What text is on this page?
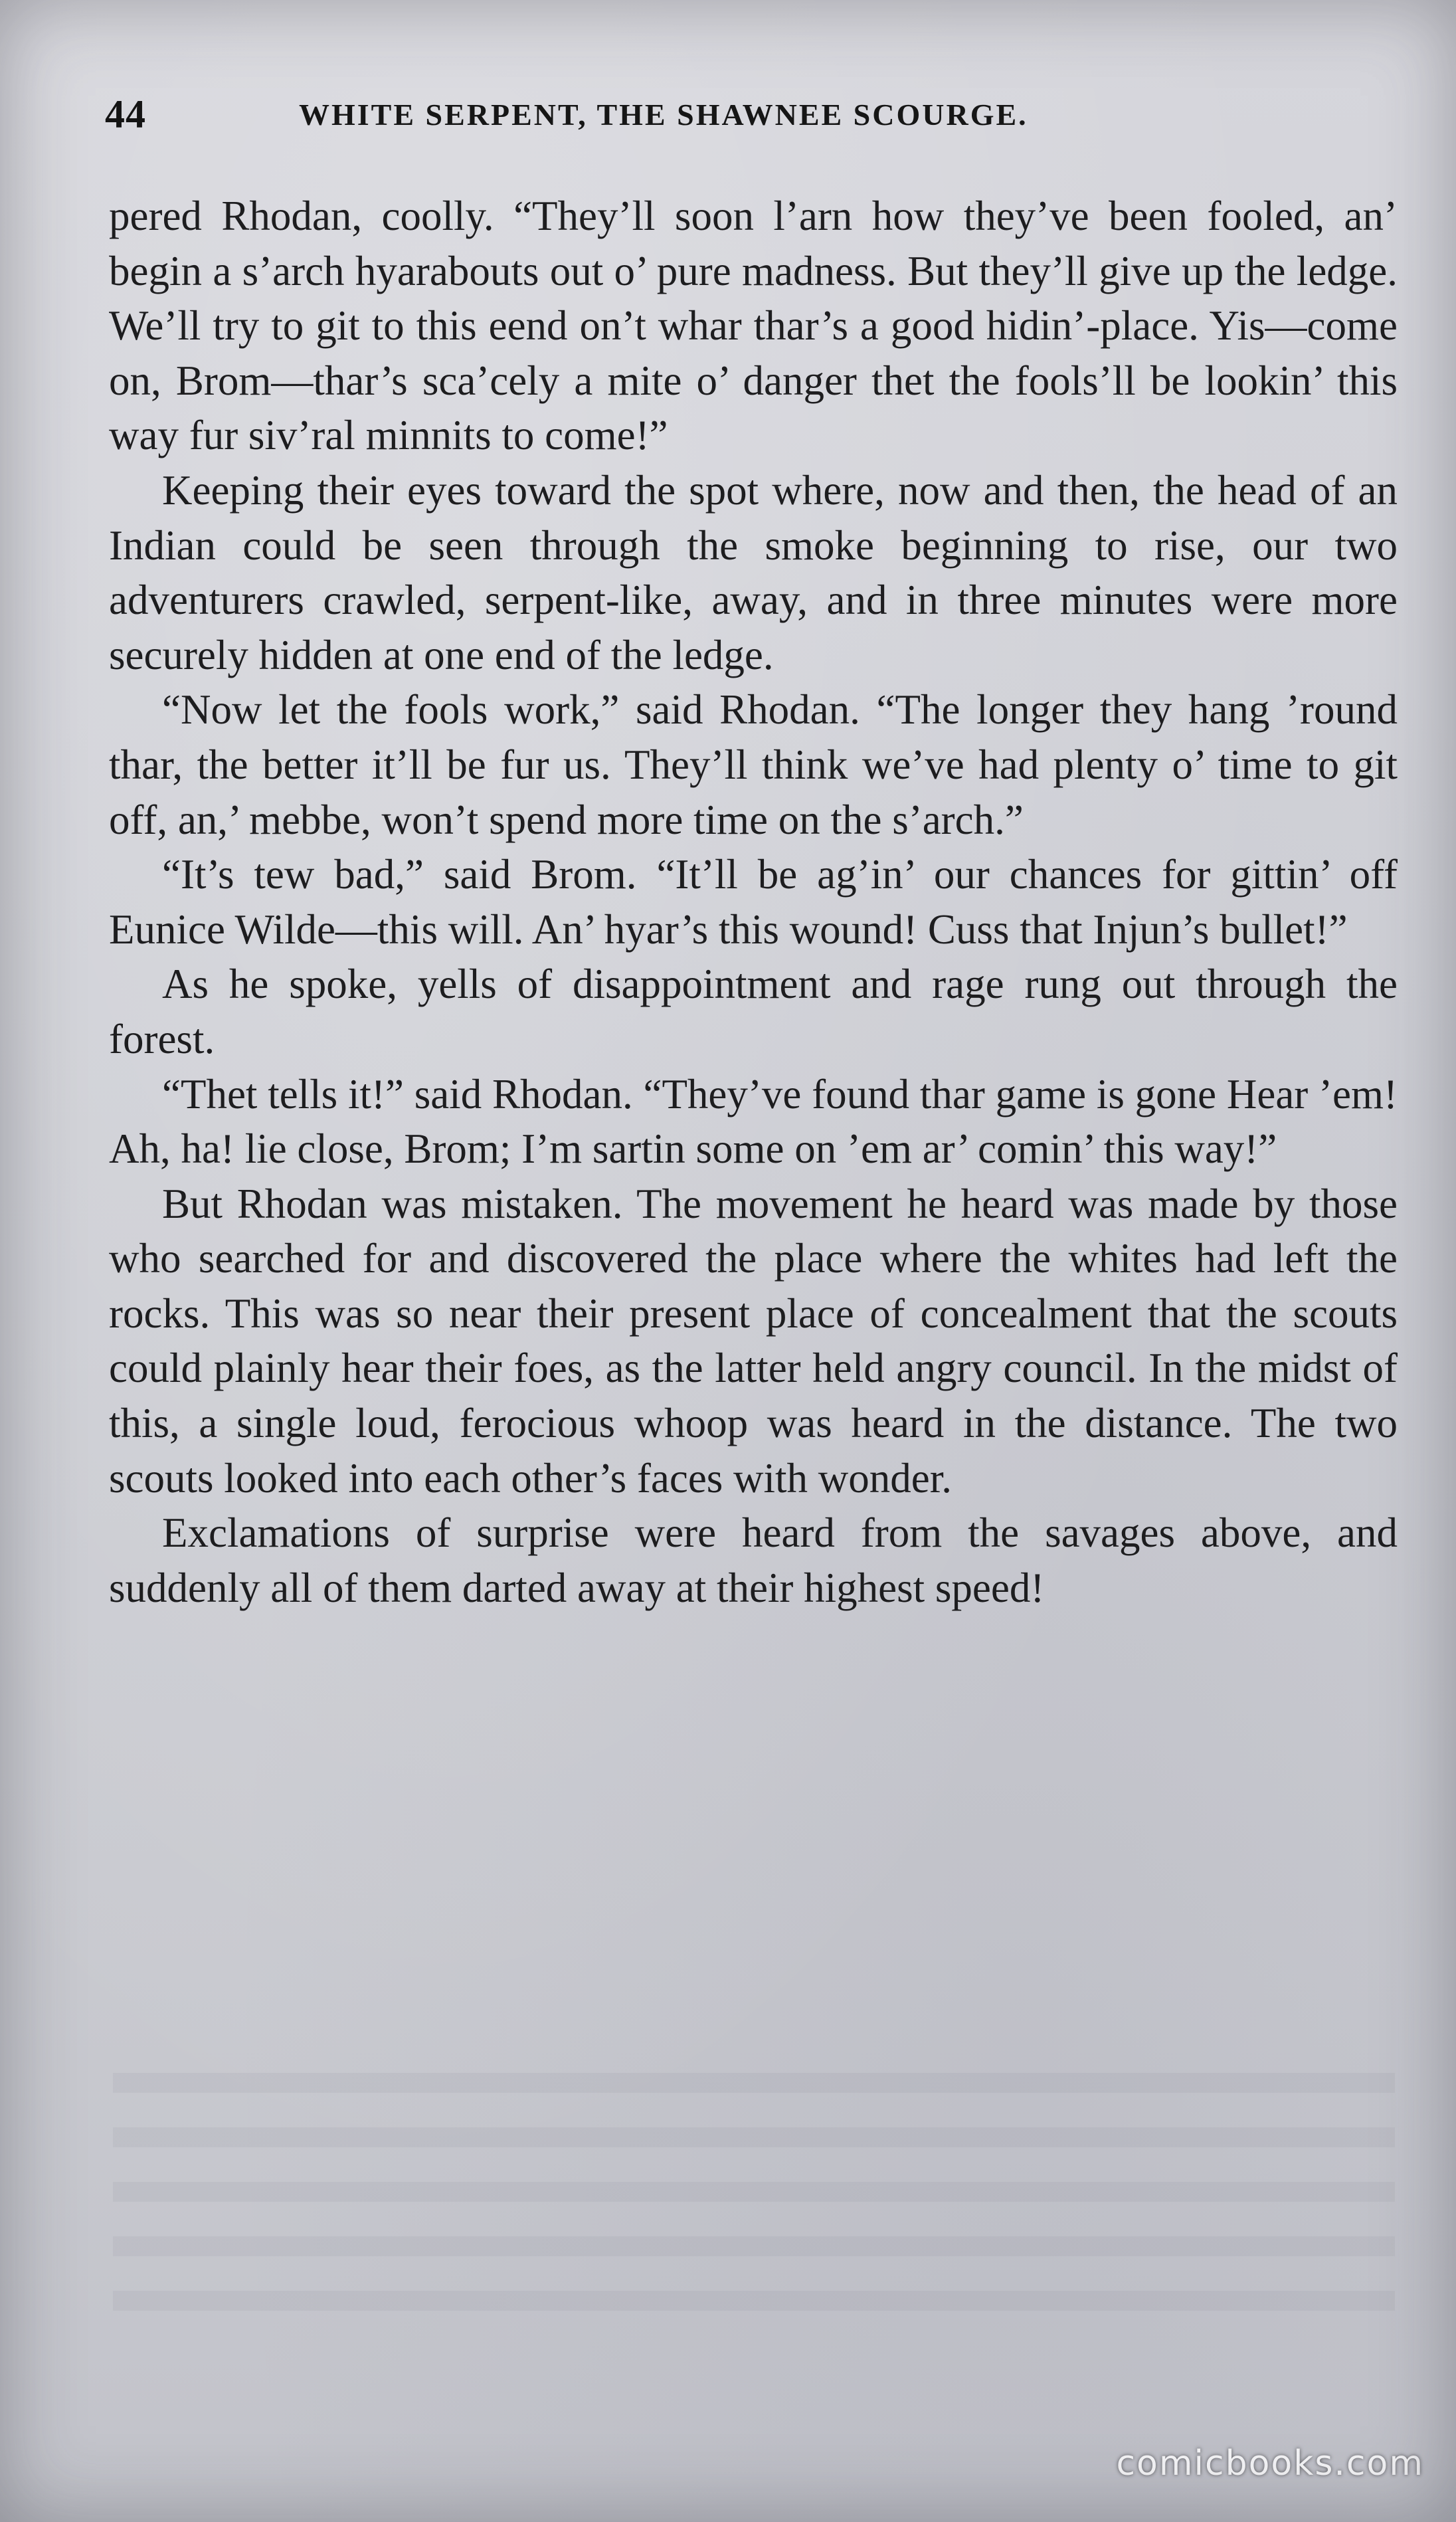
44	WHITE SERPENT, THE SHAWNEE SCOURGE.

pered Rhodan, coolly. “They’ll soon l’arn how they’ve been fooled, an’ begin a s’arch hyarabouts out o’ pure madness. But they’ll give up the ledge. We’ll try to git to this eend on’t whar thar’s a good hidin’-place. Yis—come on, Brom—thar’s sca’cely a mite o’ danger thet the fools’ll be lookin’ this way fur siv’ral minnits to come!”

Keeping their eyes toward the spot where, now and then, the head of an Indian could be seen through the smoke beginning to rise, our two adventurers crawled, serpent-like, away, and in three minutes were more securely hidden at one end of the ledge.

“Now let the fools work,” said Rhodan. “The longer they hang ’round thar, the better it’ll be fur us. They’ll think we’ve had plenty o’ time to git off, an,’ mebbe, won’t spend more time on the s’arch.”

“It’s tew bad,” said Brom. “It’ll be ag’in’ our chances for gittin’ off Eunice Wilde—this will. An’ hyar’s this wound! Cuss that Injun’s bullet!”

As he spoke, yells of disappointment and rage rung out through the forest.

“Thet tells it!” said Rhodan. “They’ve found thar game is gone Hear ’em! Ah, ha! lie close, Brom; I’m sartin some on ’em ar’ comin’ this way!”

But Rhodan was mistaken. The movement he heard was made by those who searched for and discovered the place where the whites had left the rocks. This was so near their present place of concealment that the scouts could plainly hear their foes, as the latter held angry council. In the midst of this, a single loud, ferocious whoop was heard in the distance. The two scouts looked into each other’s faces with wonder.

Exclamations of surprise were heard from the savages above, and suddenly all of them darted away at their highest speed!

comicbooks.com
